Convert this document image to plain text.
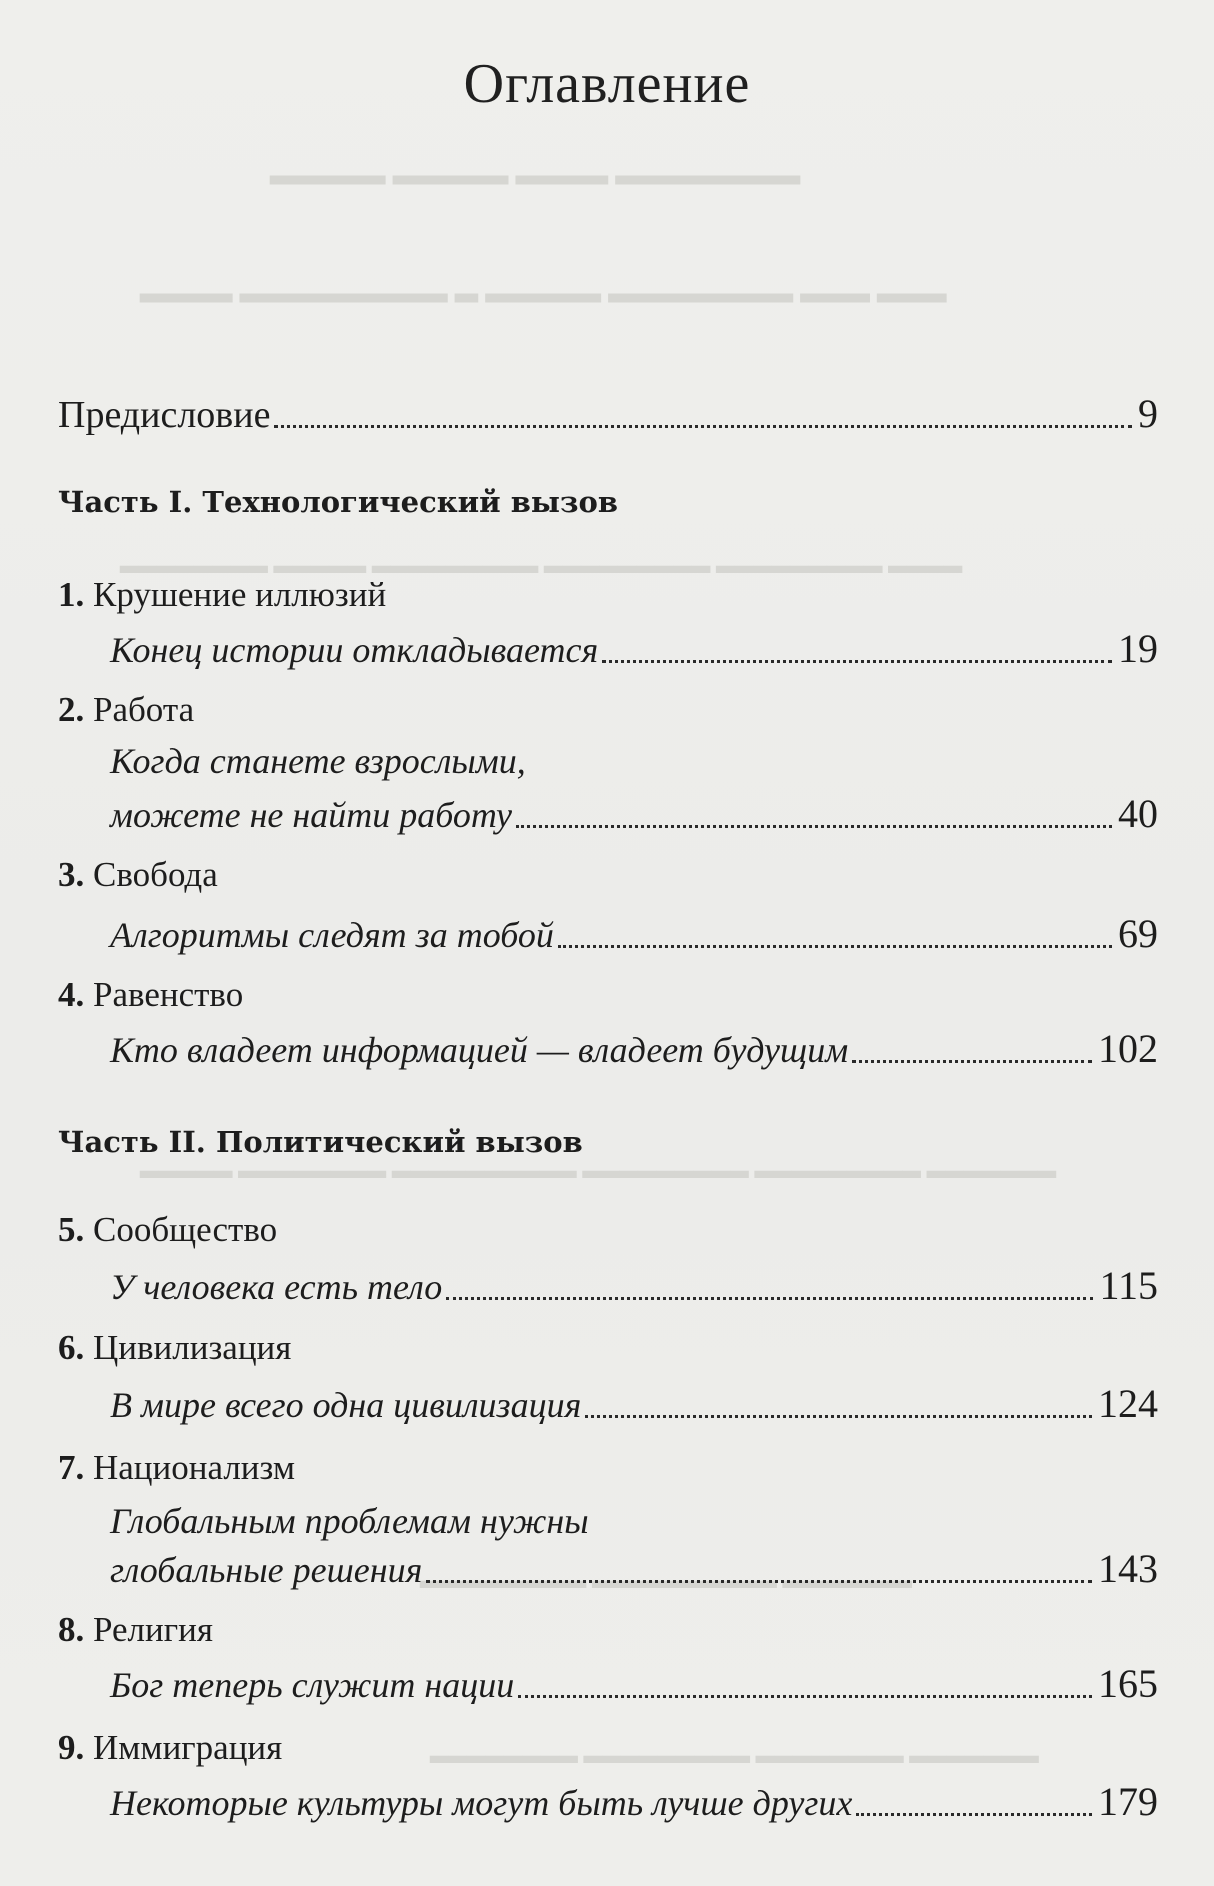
▂▂▂▂▂ ▂▂▂▂▂ ▂▂▂▂ ▂▂▂▂▂▂▂▂
▂▂▂▂ ▂▂▂▂▂▂▂▂▂ ▂ ▂▂▂▂▂ ▂▂▂▂▂▂▂▂ ▂▂▂ ▂▂▂
▂▂▂▂▂▂▂▂ ▂▂▂▂▂ ▂▂▂▂▂▂▂▂▂ ▂▂▂▂▂▂▂▂▂ ▂▂▂▂▂▂▂▂▂ ▂▂▂▂
▂▂▂▂▂ ▂▂▂▂▂▂▂▂ ▂▂▂▂▂▂▂▂▂▂ ▂▂▂▂▂▂▂▂▂ ▂▂▂▂▂▂▂▂▂ ▂▂▂▂▂▂▂
▂▂▂▂▂▂▂▂▂ ▂▂▂▂▂▂▂▂▂▂ ▂▂▂▂▂▂▂
▂▂▂▂▂▂▂▂ ▂▂▂▂▂▂▂▂▂ ▂▂▂▂▂▂▂▂ ▂▂▂▂▂▂▂
Оглавление
Предисловие	9
Часть I. Технологический вызов
1. Крушение иллюзий
Конец истории откладывается	19
2. Работа
Когда станете взрослыми,
можете не найти работу	40
3. Свобода
Алгоритмы следят за тобой	69
4. Равенство
Кто владеет информацией — владеет будущим	102
Часть II. Политический вызов
5. Сообщество
У человека есть тело	115
6. Цивилизация
В мире всего одна цивилизация	124
7. Национализм
Глобальным проблемам нужны
глобальные решения	143
8. Религия
Бог теперь служит нации	165
9. Иммиграция
Некоторые культуры могут быть лучше других	179
